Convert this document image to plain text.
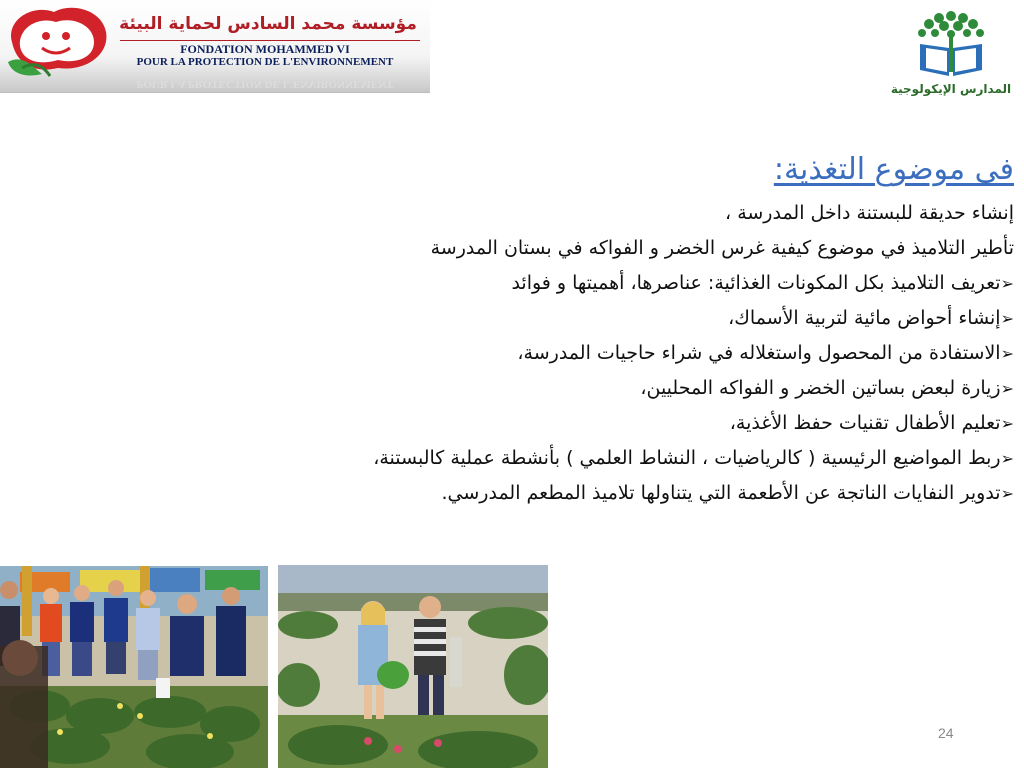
مؤسسة محمد السادس لحماية البيئة
FONDATION MOHAMMED VI
POUR LA PROTECTION DE L'ENVIRONNEMENT
POUR LA PROTECTION DE L'ENVIRONNEMENT	المدارس الإيكولوجية
فى موضوع التغذية:
إنشاء حديقة للبستنة داخل المدرسة ،
تأطير التلاميذ في موضوع كيفية غرس الخضر و الفواكه في بستان المدرسة
➢تعريف التلاميذ بكل المكونات الغذائية: عناصرها، أهميتها و فوائد
➢إنشاء أحواض مائية لتربية الأسماك،
➢الاستفادة من المحصول واستغلاله في شراء حاجيات المدرسة،
➢زيارة لبعض بساتين الخضر و الفواكه المحليين،
➢تعليم الأطفال تقنيات حفظ الأغذية،
➢ربط المواضيع الرئيسية ( كالرياضيات ، النشاط العلمي ) بأنشطة عملية كالبستنة،
➢تدوير النفايات الناتجة عن الأطعمة التي يتناولها تلاميذ المطعم المدرسي.
24
